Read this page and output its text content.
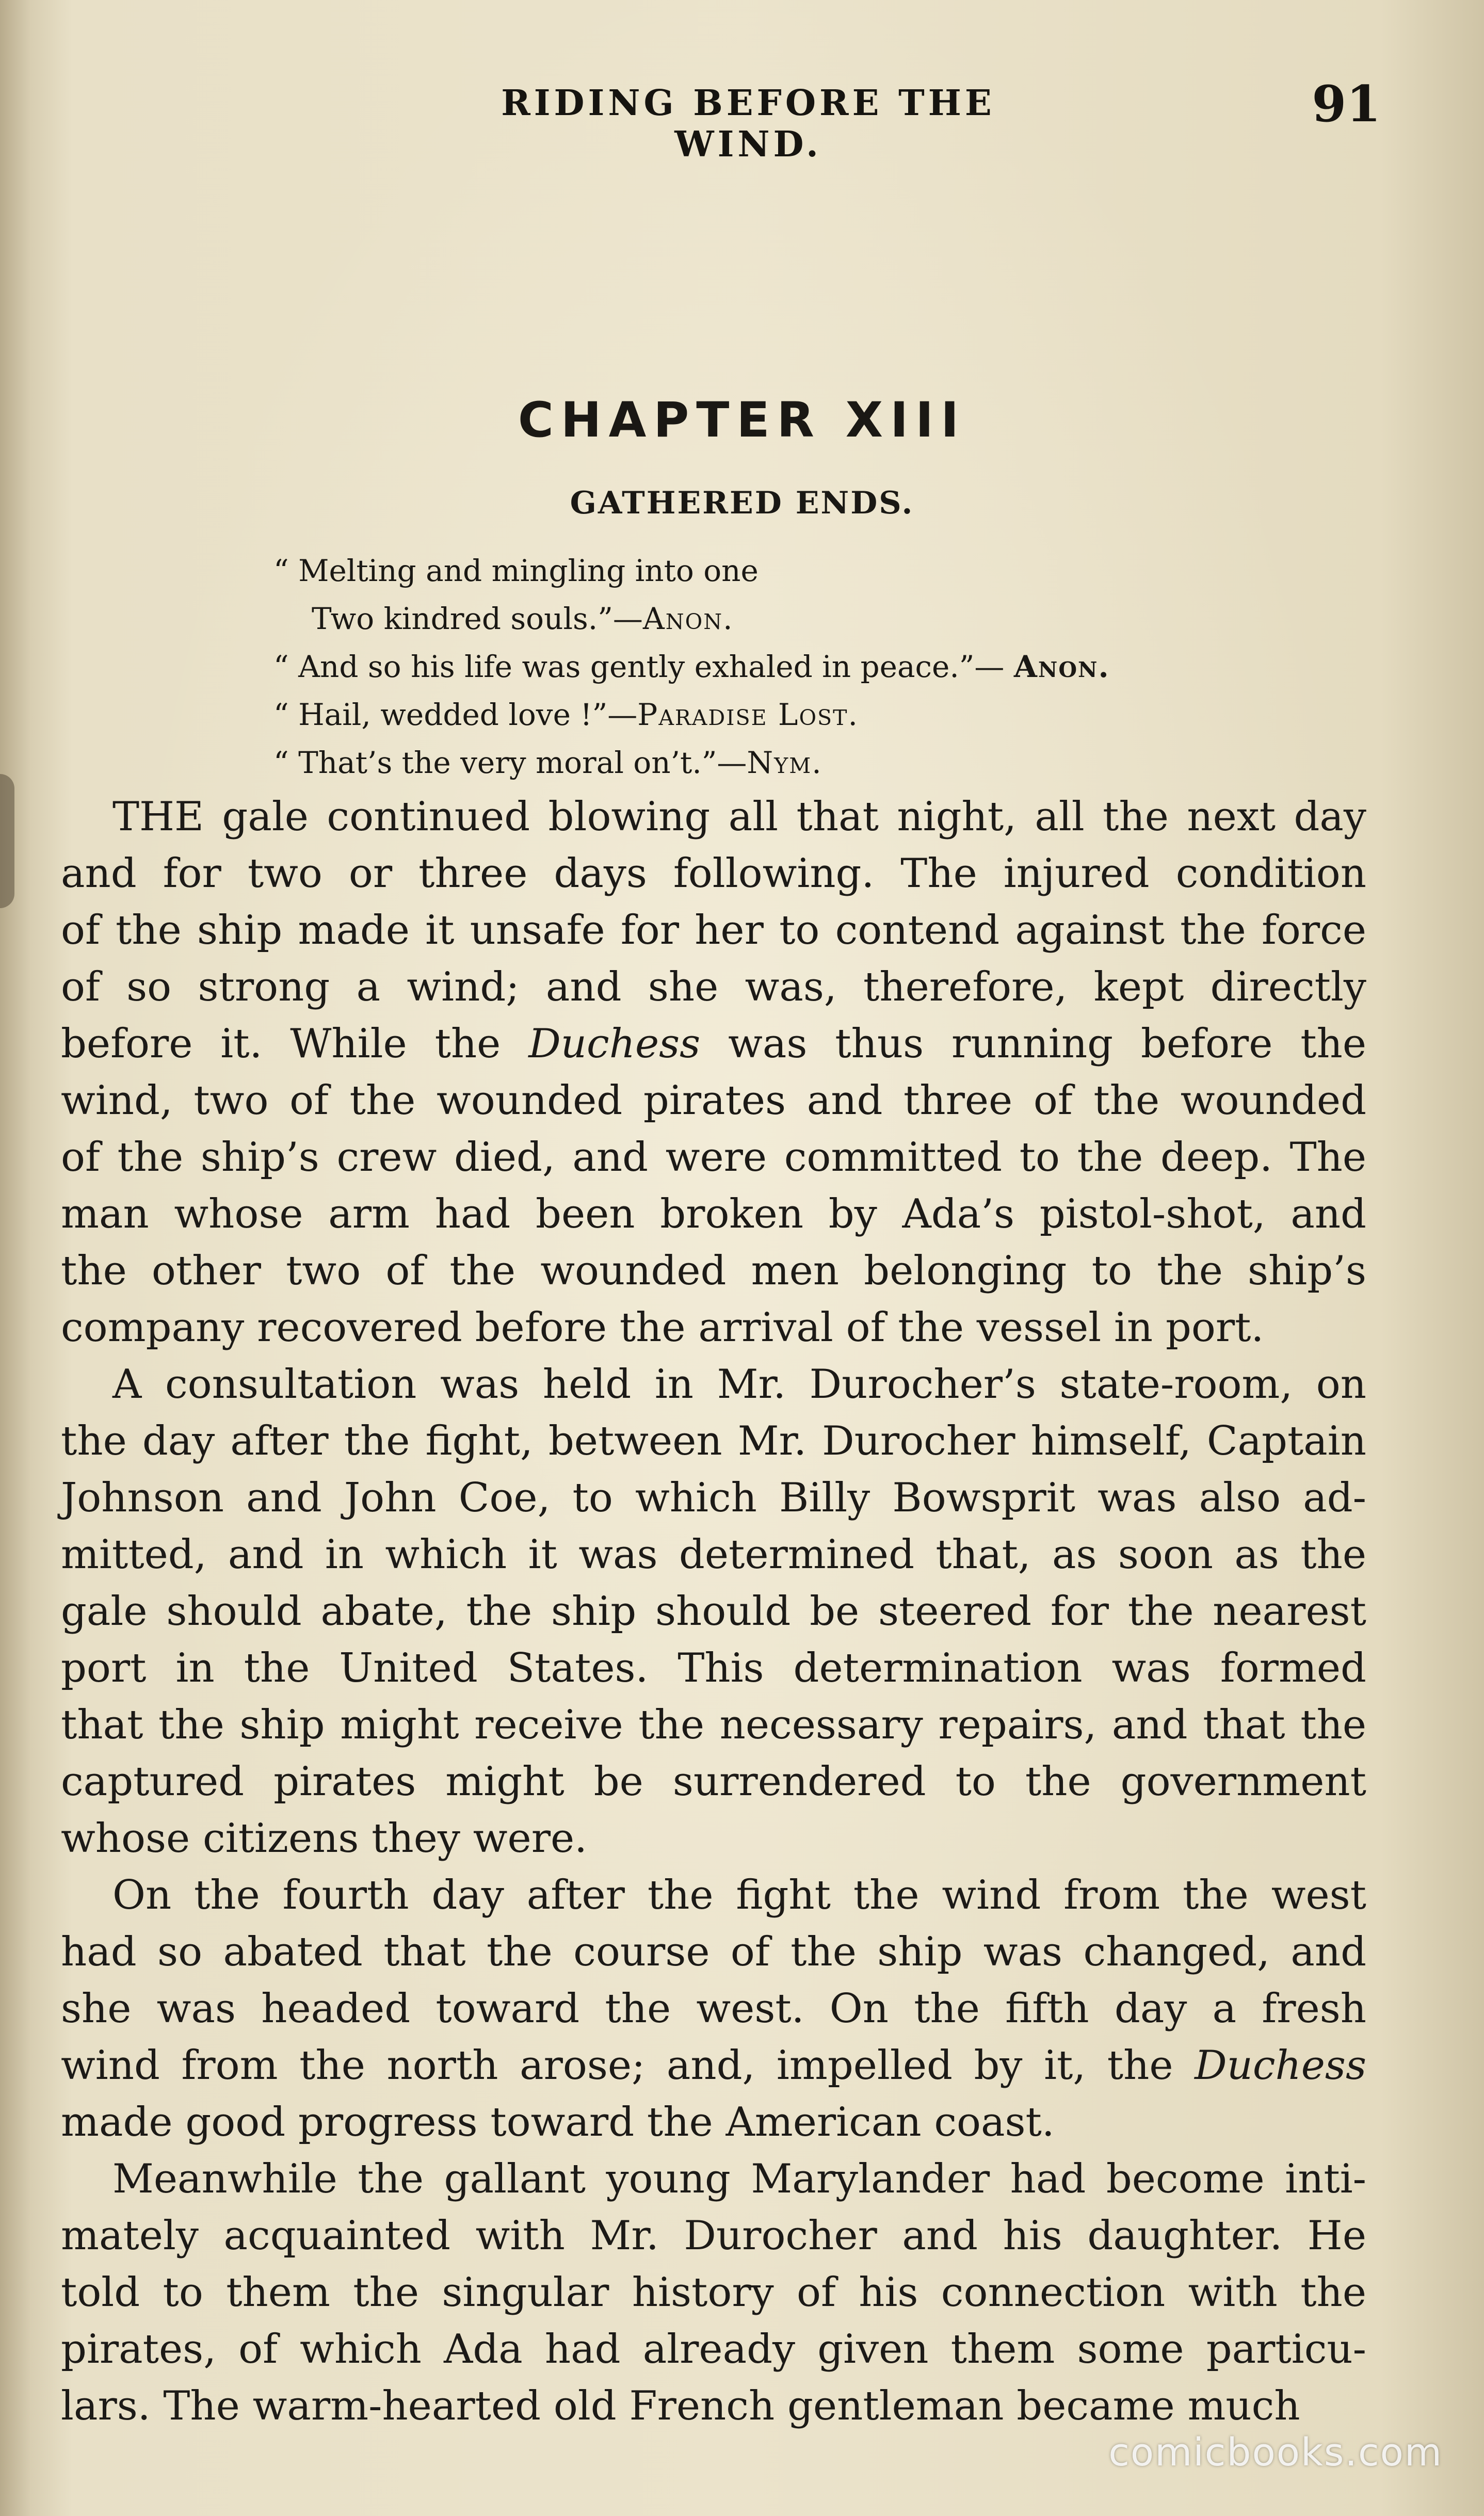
RIDING BEFORE THE WIND.
91
CHAPTER XIII
GATHERED ENDS.
“ Melting and mingling into one
Two kindred souls.”—Anon.
“ And so his life was gently exhaled in peace.”— Anon.
“ Hail, wedded love !”—Paradise Lost.
“ That’s the very moral on’t.”—Nym.
THE gale continued blowing all that night, all the next day
and for two or three days following. The injured condition
of the ship made it unsafe for her to contend against the force
of so strong a wind; and she was, therefore, kept directly
before it. While the Duchess was thus running before the
wind, two of the wounded pirates and three of the wounded
of the ship’s crew died, and were committed to the deep. The
man whose arm had been broken by Ada’s pistol-shot, and
the other two of the wounded men belonging to the ship’s
company recovered before the arrival of the vessel in port.
A consultation was held in Mr. Durocher’s state-room, on
the day after the fight, between Mr. Durocher himself, Captain
Johnson and John Coe, to which Billy Bowsprit was also ad-
mitted, and in which it was determined that, as soon as the
gale should abate, the ship should be steered for the nearest
port in the United States. This determination was formed
that the ship might receive the necessary repairs, and that the
captured pirates might be surrendered to the government
whose citizens they were.
On the fourth day after the fight the wind from the west
had so abated that the course of the ship was changed, and
she was headed toward the west. On the fifth day a fresh
wind from the north arose; and, impelled by it, the Duchess
made good progress toward the American coast.
Meanwhile the gallant young Marylander had become inti-
mately acquainted with Mr. Durocher and his daughter. He
told to them the singular history of his connection with the
pirates, of which Ada had already given them some particu-
lars. The warm-hearted old French gentleman became much
comicbooks.com
